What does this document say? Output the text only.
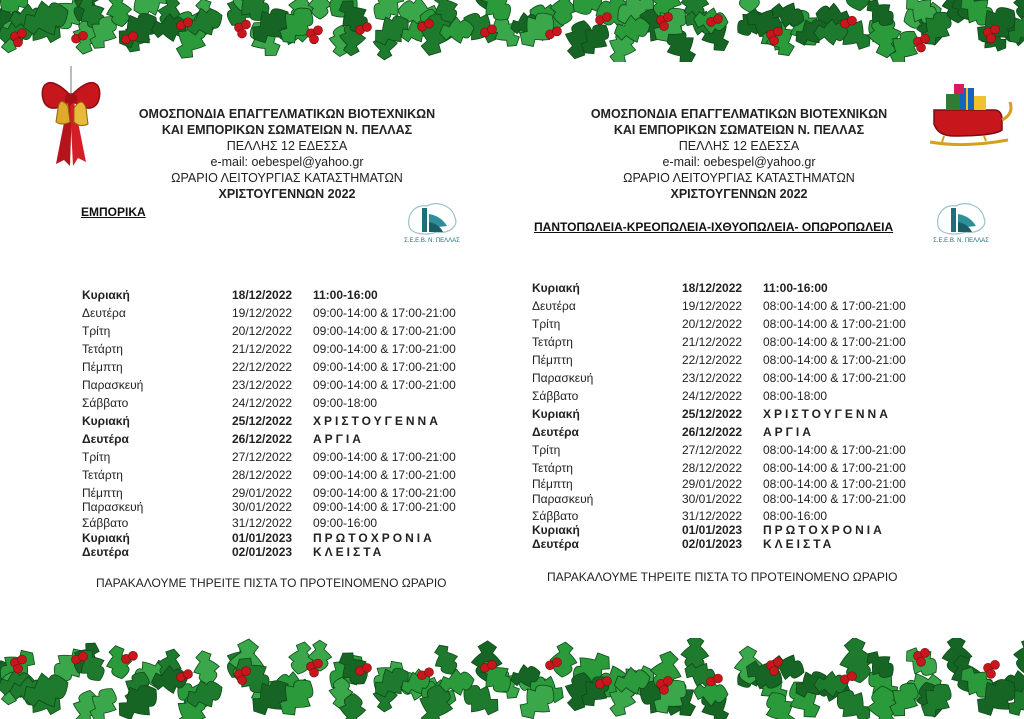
ΟΜΟΣΠΟΝΔΙΑ ΕΠΑΓΓΕΛΜΑΤΙΚΩΝ ΒΙΟΤΕΧΝΙΚΩΝ
ΚΑΙ ΕΜΠΟΡΙΚΩΝ ΣΩΜΑΤΕΙΩΝ Ν. ΠΕΛΛΑΣ
ΠΕΛΛΗΣ 12 ΕΔΕΣΣΑ
e-mail: oebespel@yahoo.gr
ΩΡΑΡΙΟ ΛΕΙΤΟΥΡΓΙΑΣ ΚΑΤΑΣΤΗΜΑΤΩΝ
ΧΡΙΣΤΟΥΓΕΝΝΩΝ 2022
ΕΜΠΟΡΙΚΑ
Σ.Ε.Ε.Β. Ν. ΠΕΛΛΑΣ
Κυριακή	18/12/2022 11:00-16:00
Δευτέρα	19/12/2022 09:00-14:00 & 17:00-21:00
Τρίτη	20/12/2022 09:00-14:00 & 17:00-21:00
Τετάρτη	21/12/2022 09:00-14:00 & 17:00-21:00
Πέμπτη	22/12/2022 09:00-14:00 & 17:00-21:00
Παρασκευή	23/12/2022 09:00-14:00 & 17:00-21:00
Σάββατο	24/12/2022 09:00-18:00
Κυριακή	25/12/2022 ΧΡΙΣΤΟΥΓΕΝΝΑ
Δευτέρα	26/12/2022 ΑΡΓΙΑ
Τρίτη	27/12/2022 09:00-14:00 & 17:00-21:00
Τετάρτη	28/12/2022 09:00-14:00 & 17:00-21:00
Πέμπτη	29/01/2022 09:00-14:00 & 17:00-21:00
Παρασκευή	30/01/2022 09:00-14:00 & 17:00-21:00
Σάββατο	31/12/2022 09:00-16:00
Κυριακή	01/01/2023 ΠΡΩΤΟΧΡΟΝΙΑ
Δευτέρα	02/01/2023 ΚΛΕΙΣΤΑ
ΠΑΡΑΚΑΛΟΥΜΕ ΤΗΡΕΙΤΕ ΠΙΣΤΑ ΤΟ ΠΡΟΤΕΙΝΟΜΕΝΟ ΩΡΑΡΙΟ
ΟΜΟΣΠΟΝΔΙΑ ΕΠΑΓΓΕΛΜΑΤΙΚΩΝ ΒΙΟΤΕΧΝΙΚΩΝ
ΚΑΙ ΕΜΠΟΡΙΚΩΝ ΣΩΜΑΤΕΙΩΝ Ν. ΠΕΛΛΑΣ
ΠΕΛΛΗΣ 12 ΕΔΕΣΣΑ
e-mail: oebespel@yahoo.gr
ΩΡΑΡΙΟ ΛΕΙΤΟΥΡΓΙΑΣ ΚΑΤΑΣΤΗΜΑΤΩΝ
ΧΡΙΣΤΟΥΓΕΝΝΩΝ 2022
ΠΑΝΤΟΠΩΛΕΙΑ-ΚΡΕΟΠΩΛΕΙΑ-ΙΧΘΥΟΠΩΛΕΙΑ- ΟΠΩΡΟΠΩΛΕΙΑ
Σ.Ε.Ε.Β. Ν. ΠΕΛΛΑΣ
Κυριακή	18/12/2022 11:00-16:00
Δευτέρα	19/12/2022 08:00-14:00 & 17:00-21:00
Τρίτη	20/12/2022 08:00-14:00 & 17:00-21:00
Τετάρτη	21/12/2022 08:00-14:00 & 17:00-21:00
Πέμπτη	22/12/2022 08:00-14:00 & 17:00-21:00
Παρασκευή	23/12/2022 08:00-14:00 & 17:00-21:00
Σάββατο	24/12/2022 08:00-18:00
Κυριακή	25/12/2022 ΧΡΙΣΤΟΥΓΕΝΝΑ
Δευτέρα	26/12/2022 ΑΡΓΙΑ
Τρίτη	27/12/2022 08:00-14:00 & 17:00-21:00
Τετάρτη	28/12/2022 08:00-14:00 & 17:00-21:00
Πέμπτη	29/01/2022 08:00-14:00 & 17:00-21:00
Παρασκευή	30/01/2022 08:00-14:00 & 17:00-21:00
Σάββατο	31/12/2022 08:00-16:00
Κυριακή	01/01/2023 ΠΡΩΤΟΧΡΟΝΙΑ
Δευτέρα	02/01/2023 ΚΛΕΙΣΤΑ
ΠΑΡΑΚΑΛΟΥΜΕ ΤΗΡΕΙΤΕ ΠΙΣΤΑ ΤΟ ΠΡΟΤΕΙΝΟΜΕΝΟ ΩΡΑΡΙΟ
